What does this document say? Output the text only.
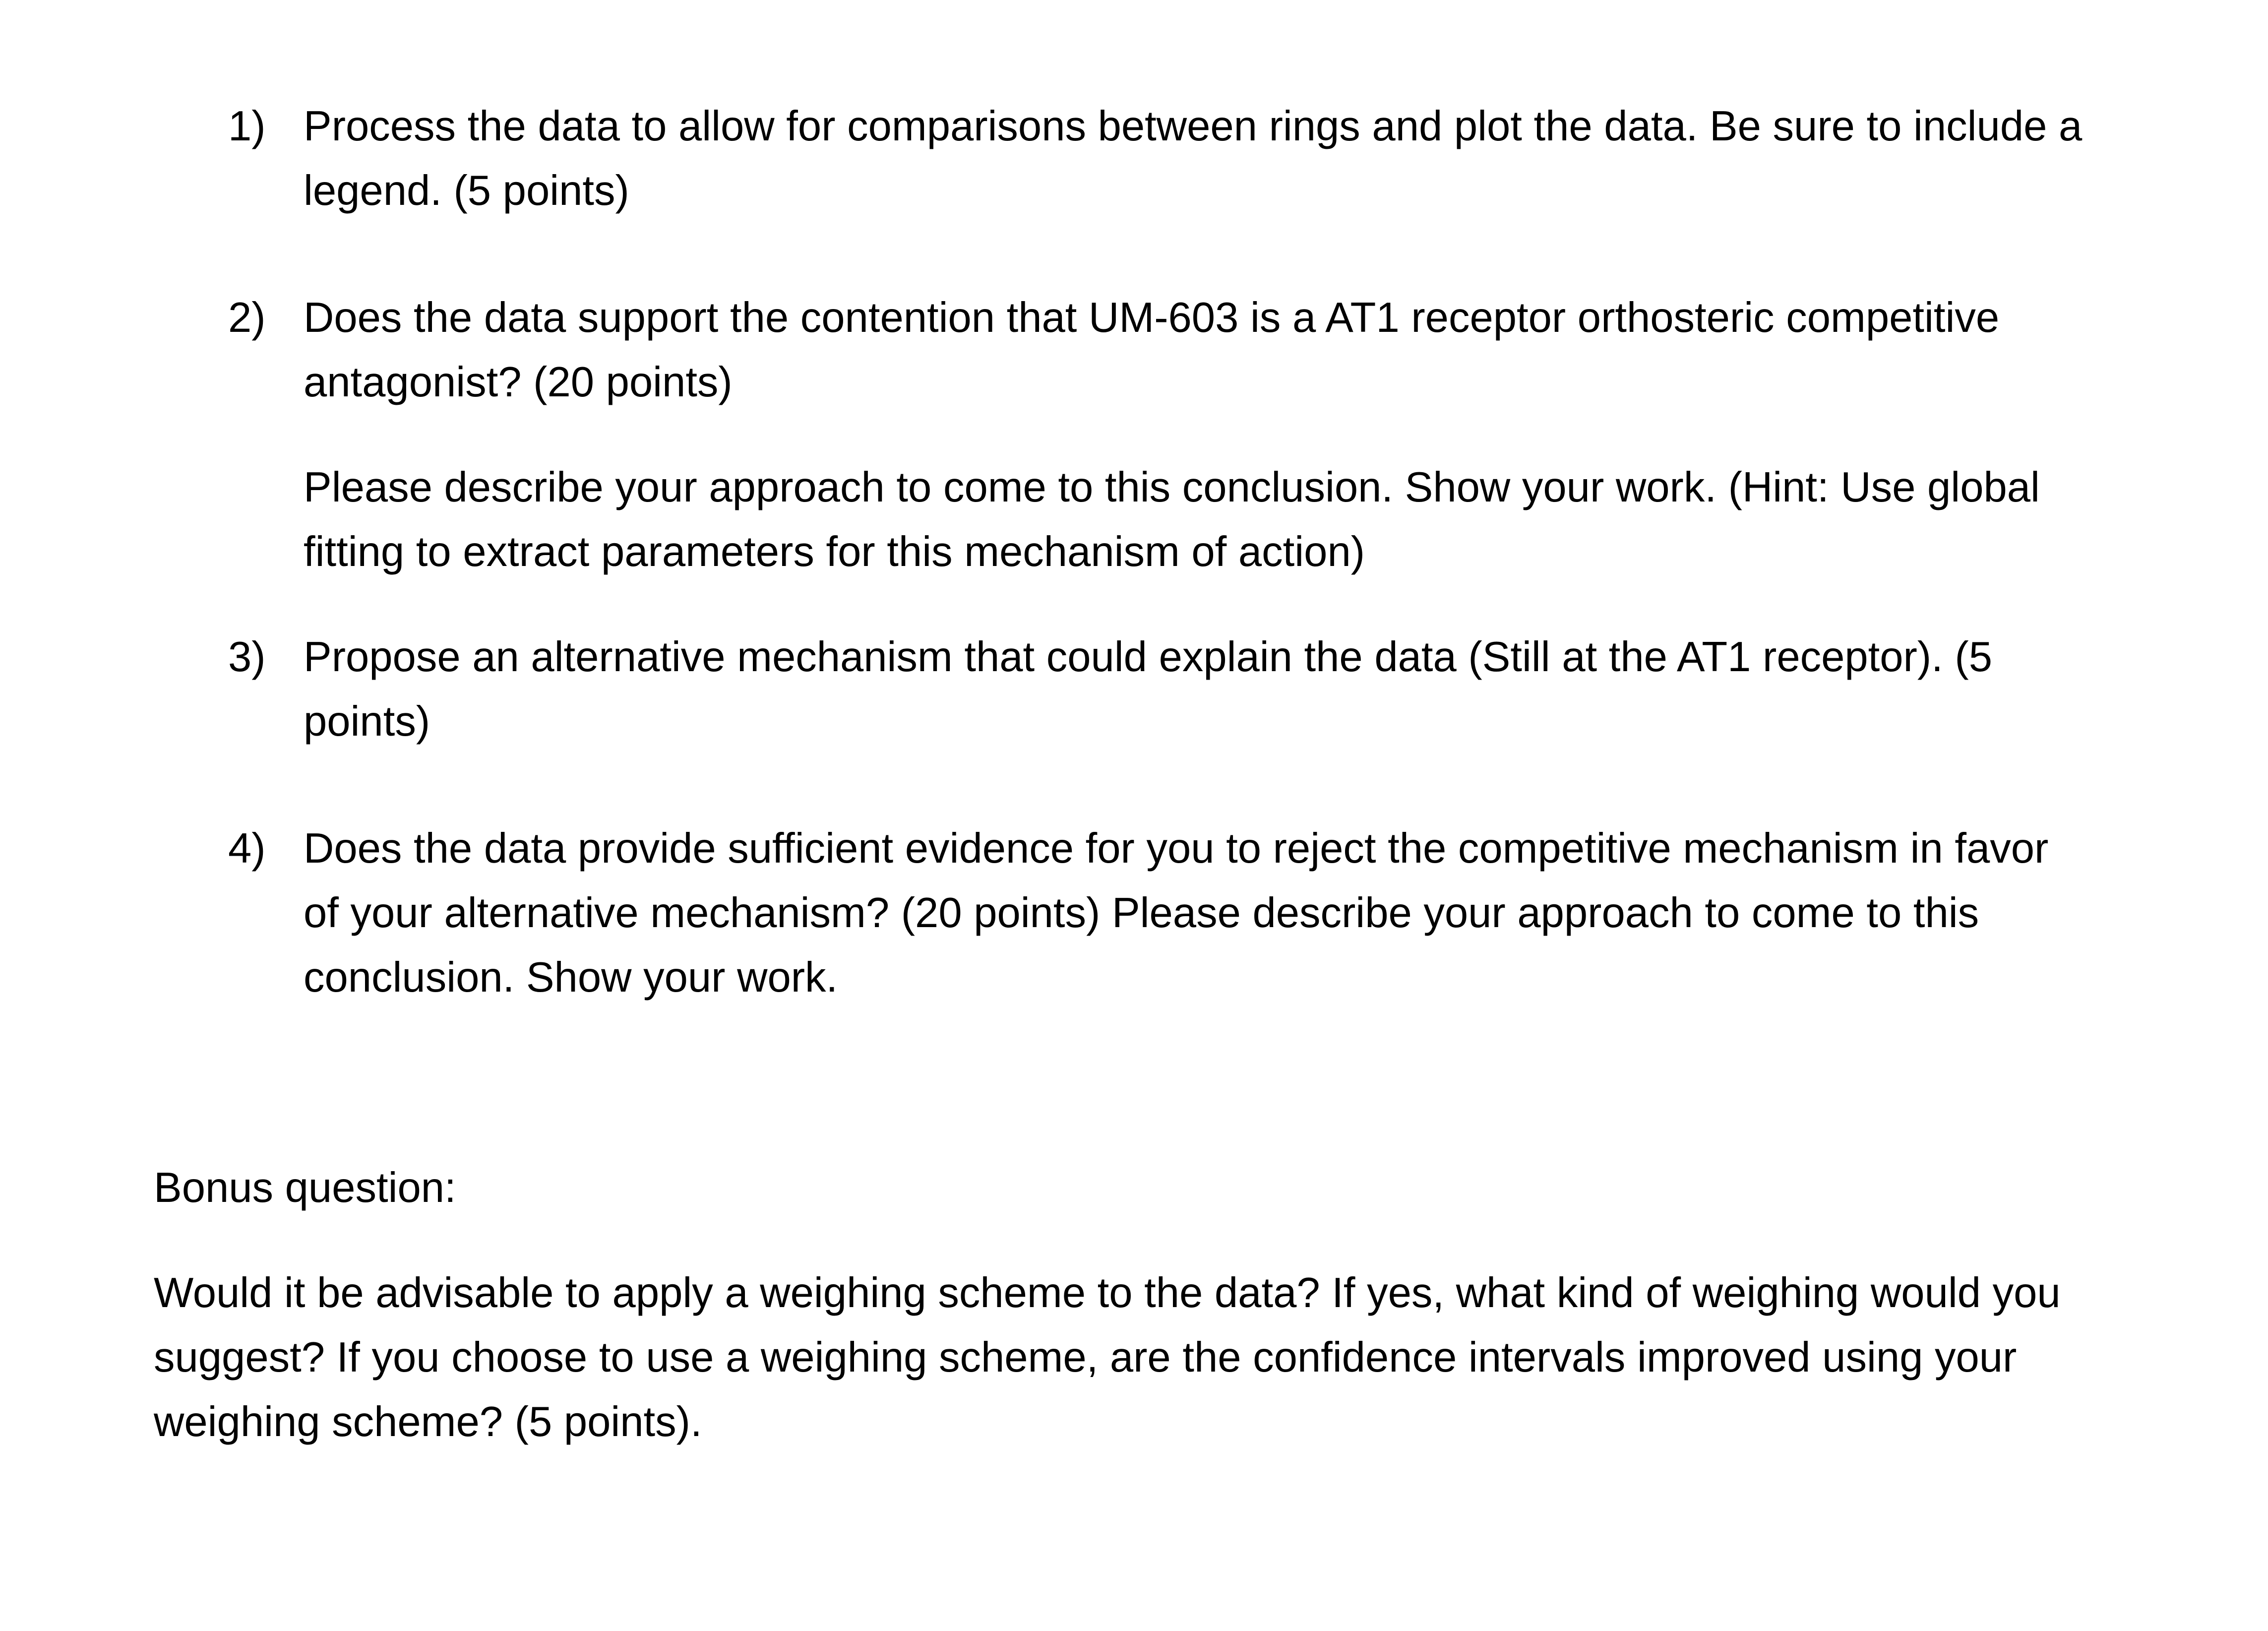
1) Process the data to allow for comparisons between rings and plot the data. Be sure to include a
legend. (5 points)
2) Does the data support the contention that UM-603 is a AT1 receptor orthosteric competitive
antagonist? (20 points)
Please describe your approach to come to this conclusion. Show your work. (Hint: Use global
fitting to extract parameters for this mechanism of action)
3) Propose an alternative mechanism that could explain the data (Still at the AT1 receptor). (5
points)
4) Does the data provide sufficient evidence for you to reject the competitive mechanism in favor
of your alternative mechanism? (20 points) Please describe your approach to come to this
conclusion. Show your work.
Bonus question:
Would it be advisable to apply a weighing scheme to the data? If yes, what kind of weighing would you
suggest? If you choose to use a weighing scheme, are the confidence intervals improved using your
weighing scheme? (5 points).
